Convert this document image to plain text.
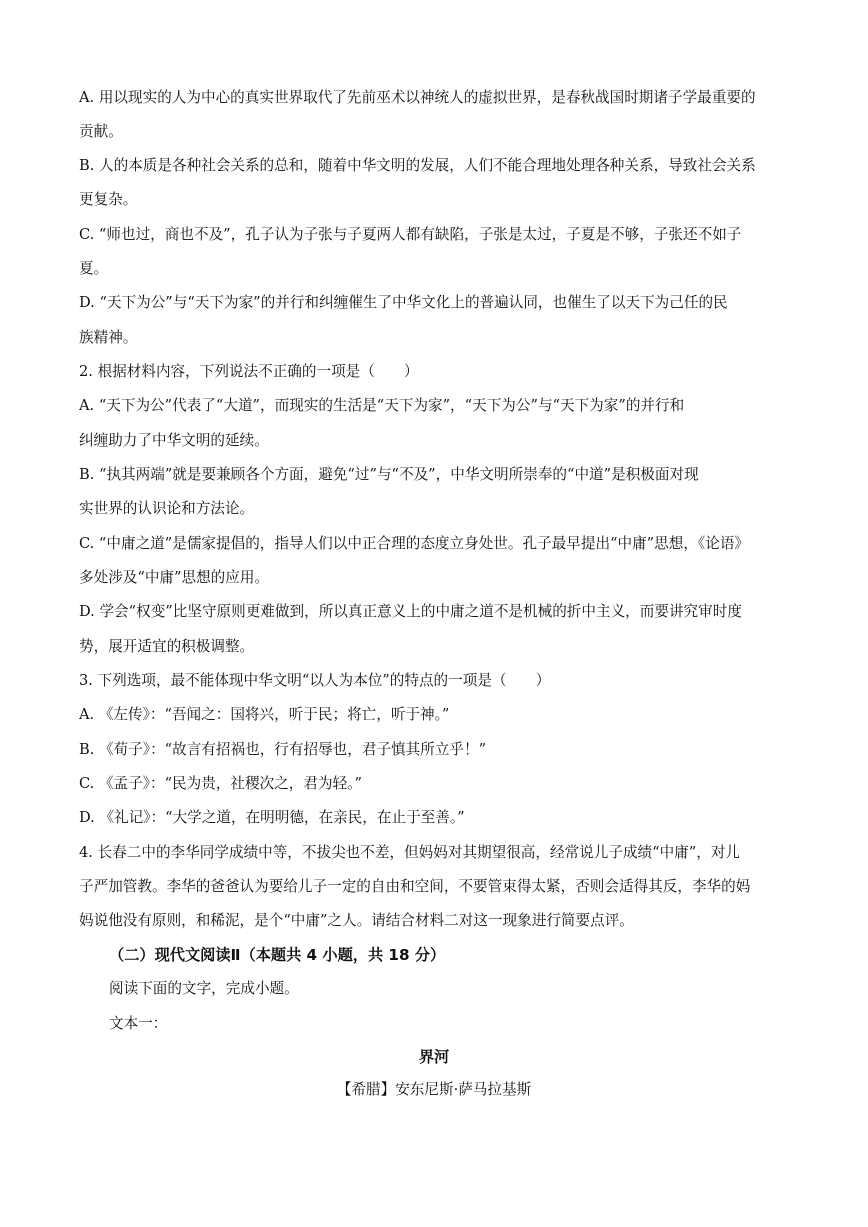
A. 用以现实的人为中心的真实世界取代了先前巫术以神统人的虚拟世界，是春秋战国时期诸子学最重要的
贡献。
B. 人的本质是各种社会关系的总和，随着中华文明的发展，人们不能合理地处理各种关系，导致社会关系
更复杂。
C. “师也过，商也不及”，孔子认为子张与子夏两人都有缺陷，子张是太过，子夏是不够，子张还不如子
夏。
D. “天下为公”与“天下为家”的并行和纠缠催生了中华文化上的普遍认同，也催生了以天下为己任的民
族精神。
2. 根据材料内容，下列说法不正确的一项是（　　）
A. “天下为公”代表了“大道”，而现实的生活是“天下为家”，“天下为公”与“天下为家”的并行和
纠缠助力了中华文明的延续。
B. “执其两端”就是要兼顾各个方面，避免“过”与“不及”，中华文明所崇奉的“中道”是积极面对现
实世界的认识论和方法论。
C. “中庸之道”是儒家提倡的，指导人们以中正合理的态度立身处世。孔子最早提出“中庸”思想，《论语》
多处涉及“中庸”思想的应用。
D. 学会“权变”比坚守原则更难做到，所以真正意义上的中庸之道不是机械的折中主义，而要讲究审时度
势，展开适宜的积极调整。
3. 下列选项，最不能体现中华文明“以人为本位”的特点的一项是（　　）
A. 《左传》：“吾闻之：国将兴，听于民；将亡，听于神。”
B. 《荀子》：“故言有招祸也，行有招辱也，君子慎其所立乎！”
C. 《孟子》：“民为贵，社稷次之，君为轻。”
D. 《礼记》：“大学之道，在明明德，在亲民，在止于至善。”
4. 长春二中的李华同学成绩中等，不拔尖也不差，但妈妈对其期望很高，经常说儿子成绩“中庸”，对儿
子严加管教。李华的爸爸认为要给儿子一定的自由和空间，不要管束得太紧，否则会适得其反，李华的妈
妈说他没有原则，和稀泥，是个“中庸”之人。请结合材料二对这一现象进行简要点评。
（二）现代文阅读Ⅱ（本题共 4 小题，共 18 分）
阅读下面的文字，完成小题。
文本一：
界河
【希腊】安东尼斯·萨马拉基斯
